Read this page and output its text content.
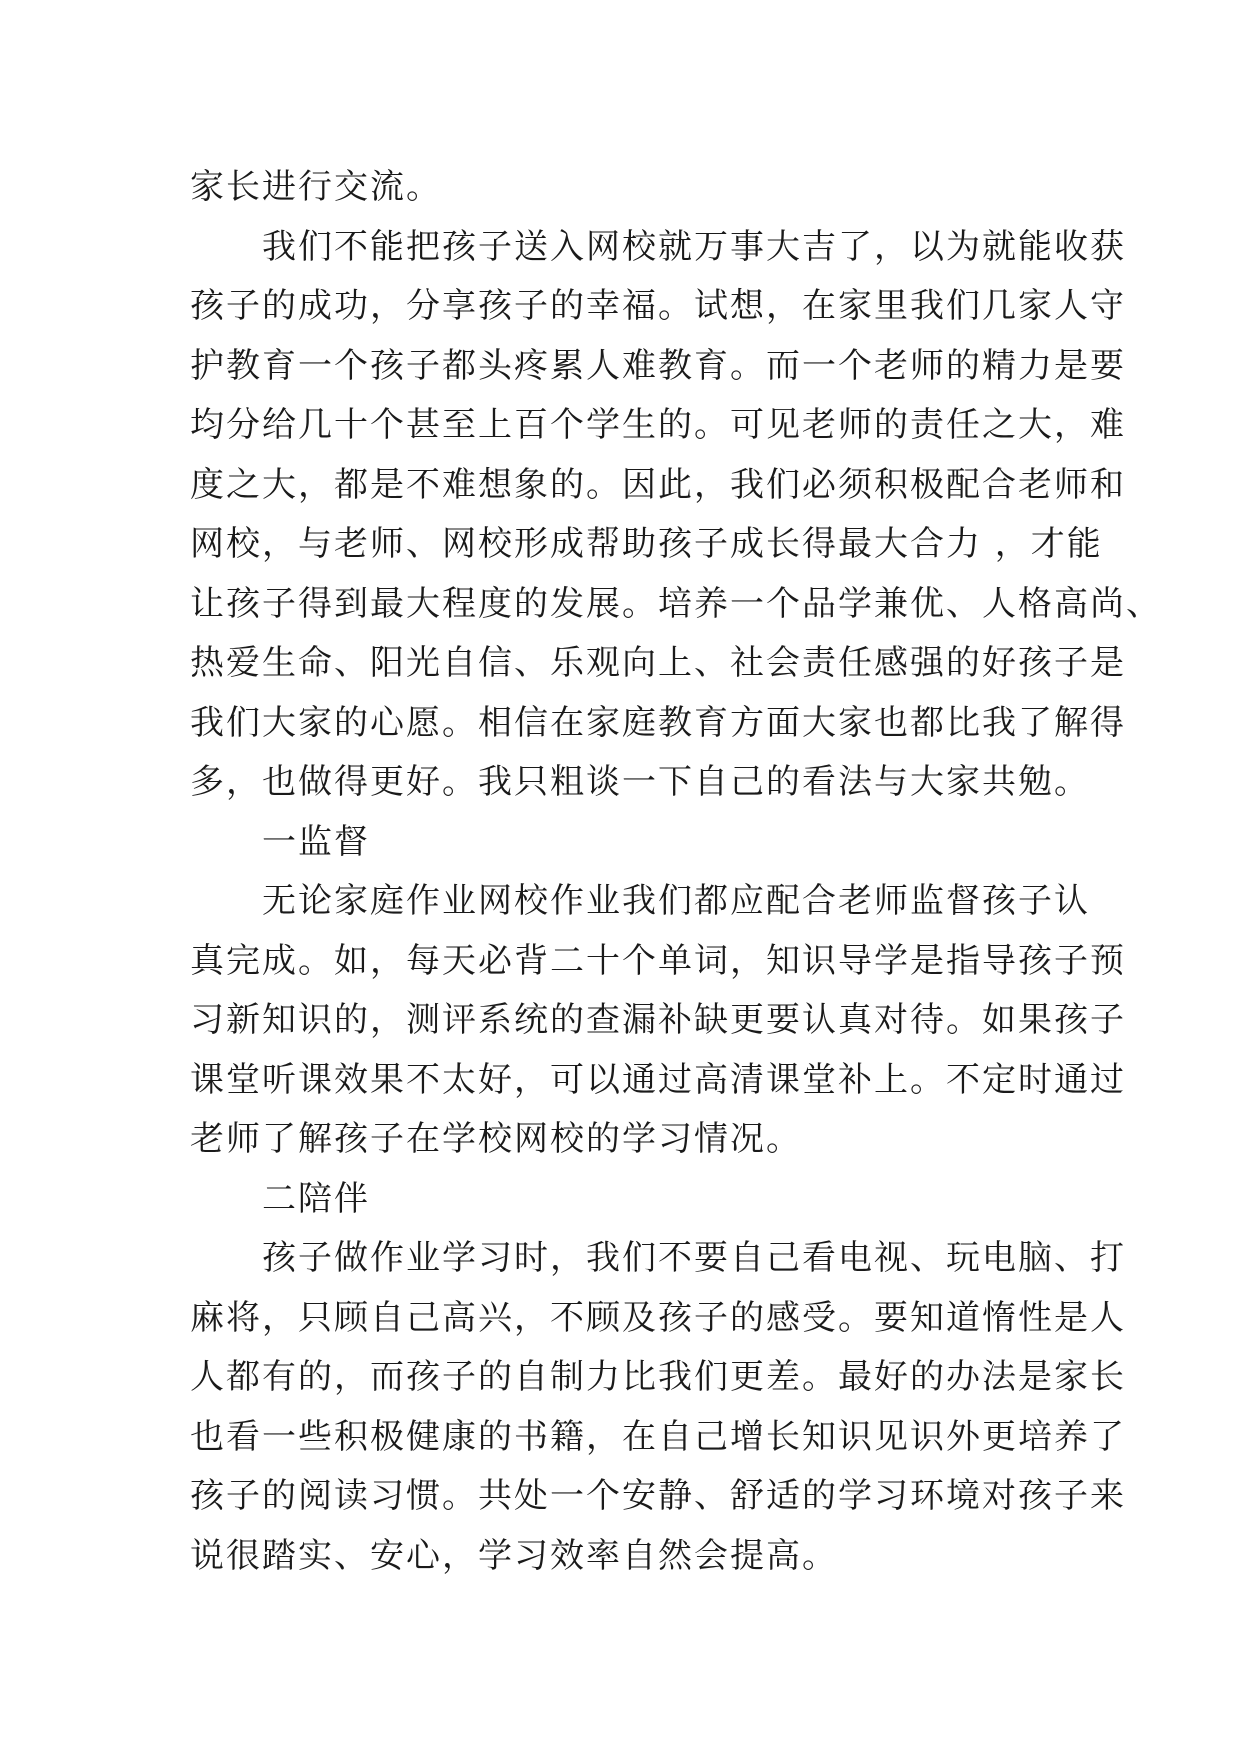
家长进行交流。
　　我们不能把孩子送入网校就万事大吉了，以为就能收获
孩子的成功，分享孩子的幸福。试想，在家里我们几家人守
护教育一个孩子都头疼累人难教育。而一个老师的精力是要
均分给几十个甚至上百个学生的。可见老师的责任之大，难
度之大，都是不难想象的。因此，我们必须积极配合老师和
网校，与老师、网校形成帮助孩子成长得最大合力 ，才能
让孩子得到最大程度的发展。培养一个品学兼优、人格高尚、
热爱生命、阳光自信、乐观向上、社会责任感强的好孩子是
我们大家的心愿。相信在家庭教育方面大家也都比我了解得
多，也做得更好。我只粗谈一下自己的看法与大家共勉。
　　一监督
　　无论家庭作业网校作业我们都应配合老师监督孩子认
真完成。如，每天必背二十个单词，知识导学是指导孩子预
习新知识的，测评系统的查漏补缺更要认真对待。如果孩子
课堂听课效果不太好，可以通过高清课堂补上。不定时通过
老师了解孩子在学校网校的学习情况。
　　二陪伴
　　孩子做作业学习时，我们不要自己看电视、玩电脑、打
麻将，只顾自己高兴，不顾及孩子的感受。要知道惰性是人
人都有的，而孩子的自制力比我们更差。最好的办法是家长
也看一些积极健康的书籍，在自己增长知识见识外更培养了
孩子的阅读习惯。共处一个安静、舒适的学习环境对孩子来
说很踏实、安心，学习效率自然会提高。
